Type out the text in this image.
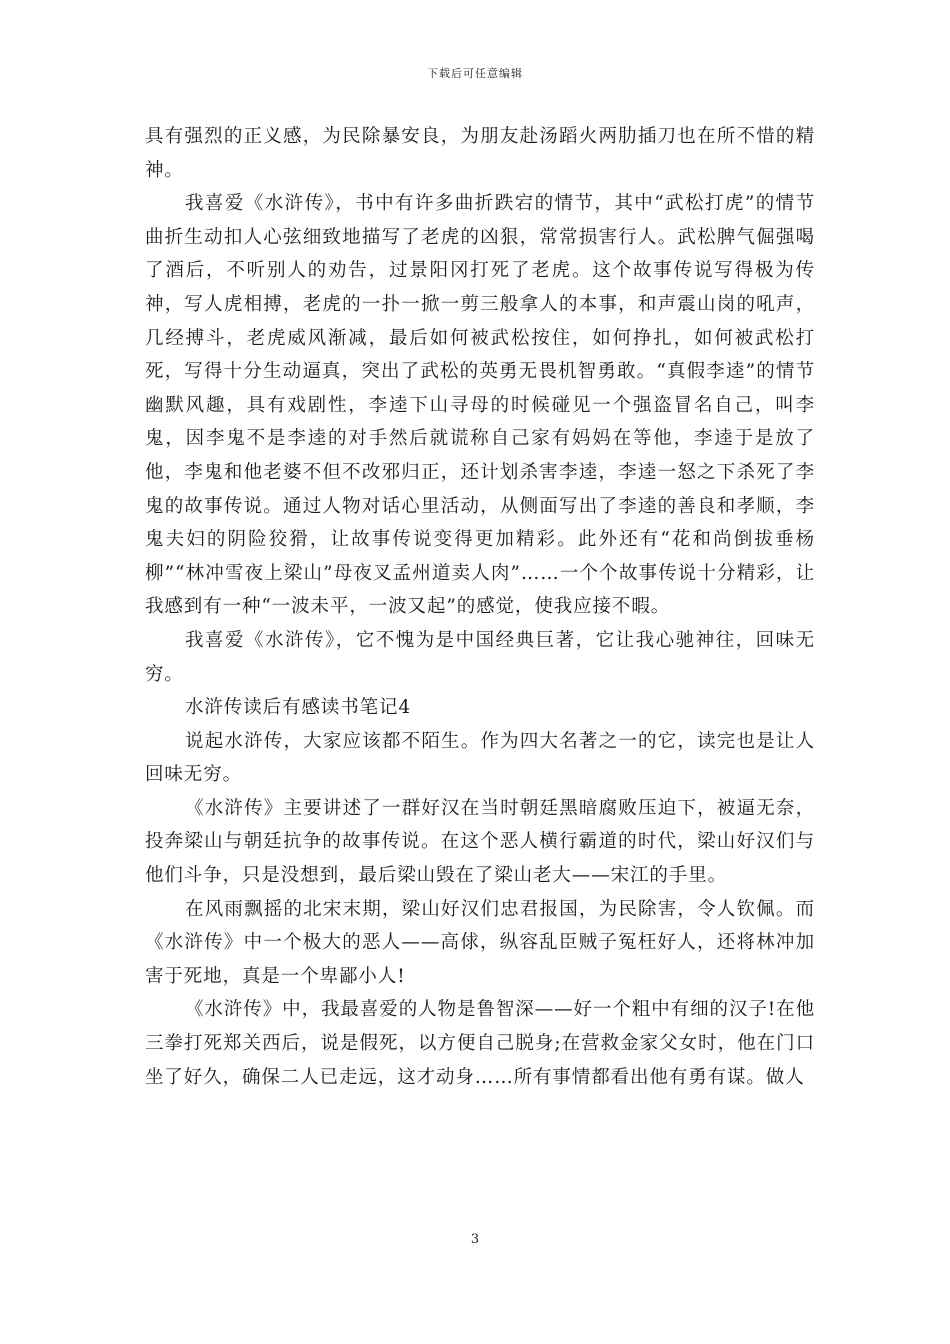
下载后可任意编辑

具有强烈的正义感，为民除暴安良，为朋友赴汤蹈火两肋插刀也在所不惜的精神。

我喜爱《水浒传》，书中有许多曲折跌宕的情节，其中“武松打虎”的情节曲折生动扣人心弦细致地描写了老虎的凶狠，常常损害行人。武松脾气倔强喝了酒后，不听别人的劝告，过景阳冈打死了老虎。这个故事传说写得极为传神，写人虎相搏，老虎的一扑一掀一剪三般拿人的本事，和声震山岗的吼声，几经搏斗，老虎威风渐减，最后如何被武松按住，如何挣扎，如何被武松打死，写得十分生动逼真，突出了武松的英勇无畏机智勇敢。“真假李逵”的情节幽默风趣，具有戏剧性，李逵下山寻母的时候碰见一个强盗冒名自己，叫李鬼，因李鬼不是李逵的对手然后就谎称自己家有妈妈在等他，李逵于是放了他，李鬼和他老婆不但不改邪归正，还计划杀害李逵，李逵一怒之下杀死了李鬼的故事传说。通过人物对话心里活动，从侧面写出了李逵的善良和孝顺，李鬼夫妇的阴险狡猾，让故事传说变得更加精彩。此外还有“花和尚倒拔垂杨柳”“林冲雪夜上梁山”母夜叉孟州道卖人肉”……一个个故事传说十分精彩，让我感到有一种“一波未平，一波又起”的感觉，使我应接不暇。

我喜爱《水浒传》，它不愧为是中国经典巨著，它让我心驰神往，回味无穷。

水浒传读后有感读书笔记4

说起水浒传，大家应该都不陌生。作为四大名著之一的它，读完也是让人回味无穷。

《水浒传》主要讲述了一群好汉在当时朝廷黑暗腐败压迫下，被逼无奈，投奔梁山与朝廷抗争的故事传说。在这个恶人横行霸道的时代，梁山好汉们与他们斗争，只是没想到，最后梁山毁在了梁山老大——宋江的手里。

在风雨飘摇的北宋末期，梁山好汉们忠君报国，为民除害，令人钦佩。而《水浒传》中一个极大的恶人——高俅，纵容乱臣贼子冤枉好人，还将林冲加害于死地，真是一个卑鄙小人!

《水浒传》中，我最喜爱的人物是鲁智深——好一个粗中有细的汉子!在他三拳打死郑关西后，说是假死，以方便自己脱身;在营救金家父女时，他在门口坐了好久，确保二人已走远，这才动身……所有事情都看出他有勇有谋。做人

3
